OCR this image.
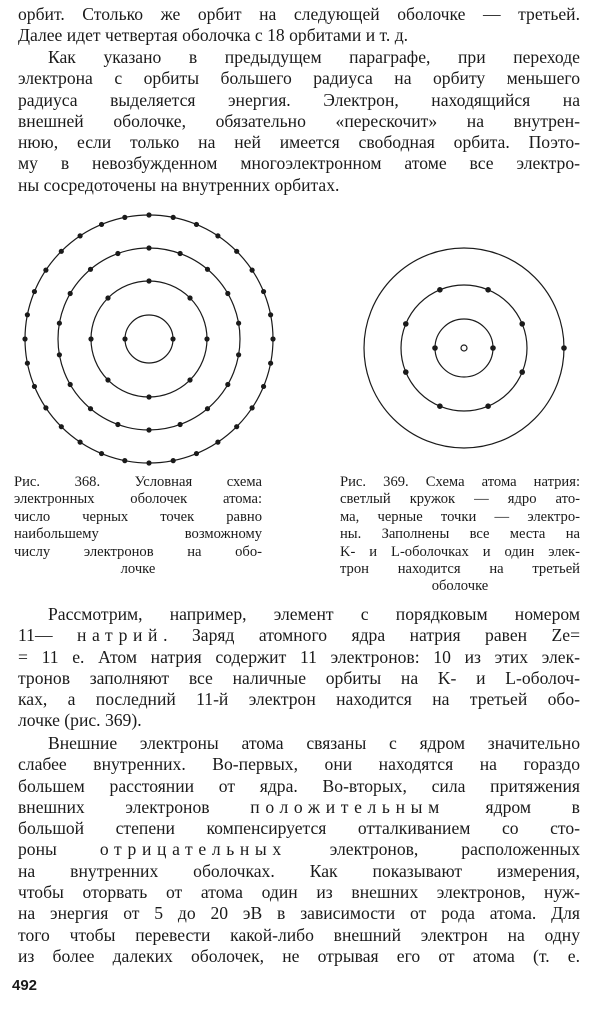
орбит. Столько же орбит на следующей оболочке — третьей.
Далее идет четвертая оболочка с 18 орбитами и т. д.
Как указано в предыдущем параграфе, при переходе
электрона с орбиты большего радиуса на орбиту меньшего
радиуса выделяется энергия. Электрон, находящийся на
внешней оболочке, обязательно «перескочит» на внутрен-
нюю, если только на ней имеется свободная орбита. Поэто-
му в невозбужденном многоэлектронном атоме все электро-
ны сосредоточены на внутренних орбитах.
Рис. 368. Условная схема
электронных оболочек атома:
число черных точек равно
наибольшему возможному
числу электронов на обо-
лочке
Рис. 369. Схема атома натрия:
светлый кружок — ядро ато-
ма, черные точки — электро-
ны. Заполнены все места на
K- и L-оболочках и один элек-
трон находится на третьей
оболочке
Рассмотрим, например, элемент с порядковым номером
11— натрий. Заряд атомного ядра натрия равен Ze=
= 11 e. Атом натрия содержит 11 электронов: 10 из этих элек-
тронов заполняют все наличные орбиты на K- и L-оболоч-
ках, а последний 11-й электрон находится на третьей обо-
лочке (рис. 369).
Внешние электроны атома связаны с ядром значительно
слабее внутренних. Во-первых, они находятся на гораздо
большем расстоянии от ядра. Во-вторых, сила притяжения
внешних электронов положительным ядром в
большой степени компенсируется отталкиванием со сто-
роны отрицательных электронов, расположенных
на внутренних оболочках. Как показывают измерения,
чтобы оторвать от атома один из внешних электронов, нуж-
на энергия от 5 до 20 эВ в зависимости от рода атома. Для
того чтобы перевести какой-либо внешний электрон на одну
из более далеких оболочек, не отрывая его от атома (т. е.
492
